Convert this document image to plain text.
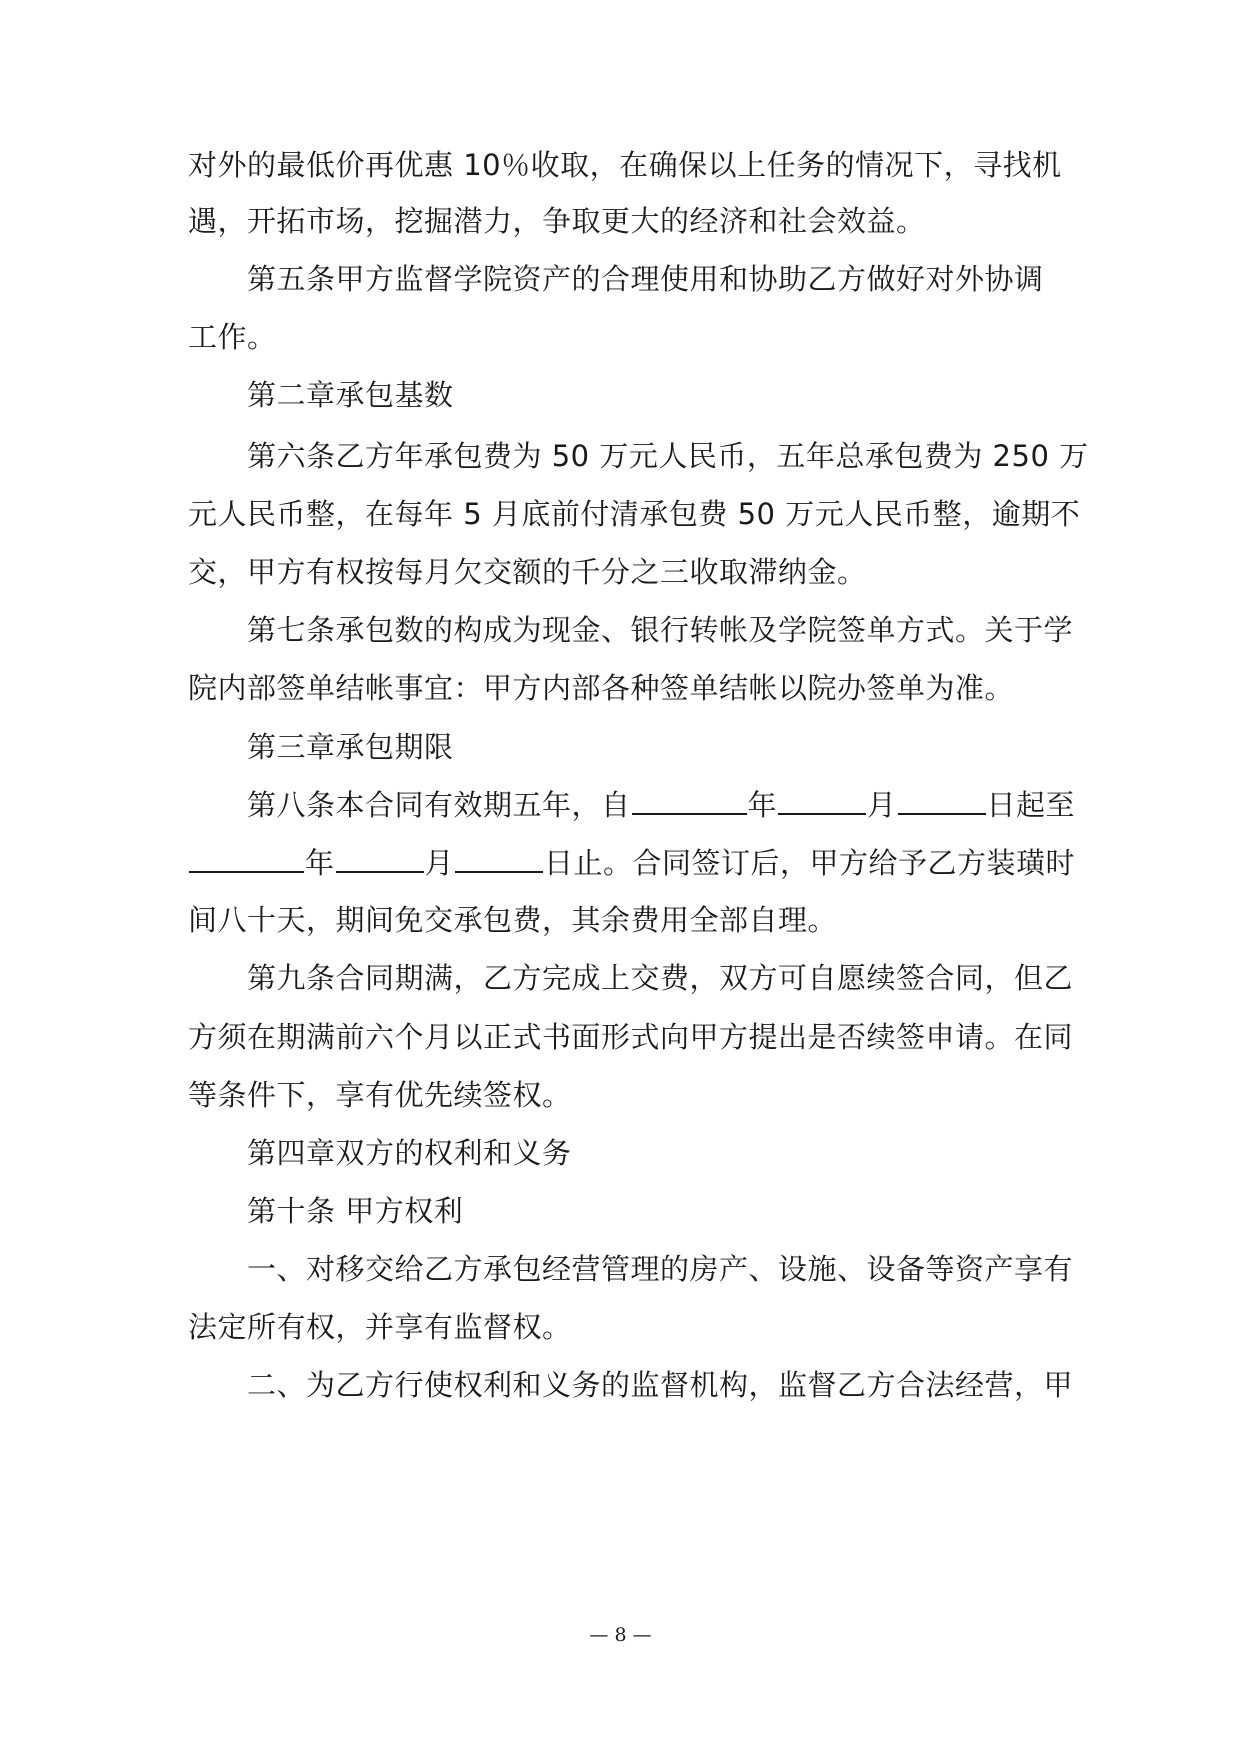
对外的最低价再优惠 10％收取，在确保以上任务的情况下，寻找机
遇，开拓市场，挖掘潜力，争取更大的经济和社会效益。
第五条甲方监督学院资产的合理使用和协助乙方做好对外协调
工作。
第二章承包基数
第六条乙方年承包费为 50 万元人民币，五年总承包费为 250 万
元人民币整，在每年 5 月底前付清承包费 50 万元人民币整，逾期不
交，甲方有权按每月欠交额的千分之三收取滞纳金。
第七条承包数的构成为现金、银行转帐及学院签单方式。关于学
院内部签单结帐事宜：甲方内部各种签单结帐以院办签单为准。
第三章承包期限
第八条本合同有效期五年，自	年	月	日起至
年	月	日止。合同签订后，甲方给予乙方装璜时
间八十天，期间免交承包费，其余费用全部自理。
第九条合同期满，乙方完成上交费，双方可自愿续签合同，但乙
方须在期满前六个月以正式书面形式向甲方提出是否续签申请。在同
等条件下，享有优先续签权。
第四章双方的权利和义务
第十条 甲方权利
一、对移交给乙方承包经营管理的房产、设施、设备等资产享有
法定所有权，并享有监督权。
二、为乙方行使权利和义务的监督机构，监督乙方合法经营，甲
— 8 —
